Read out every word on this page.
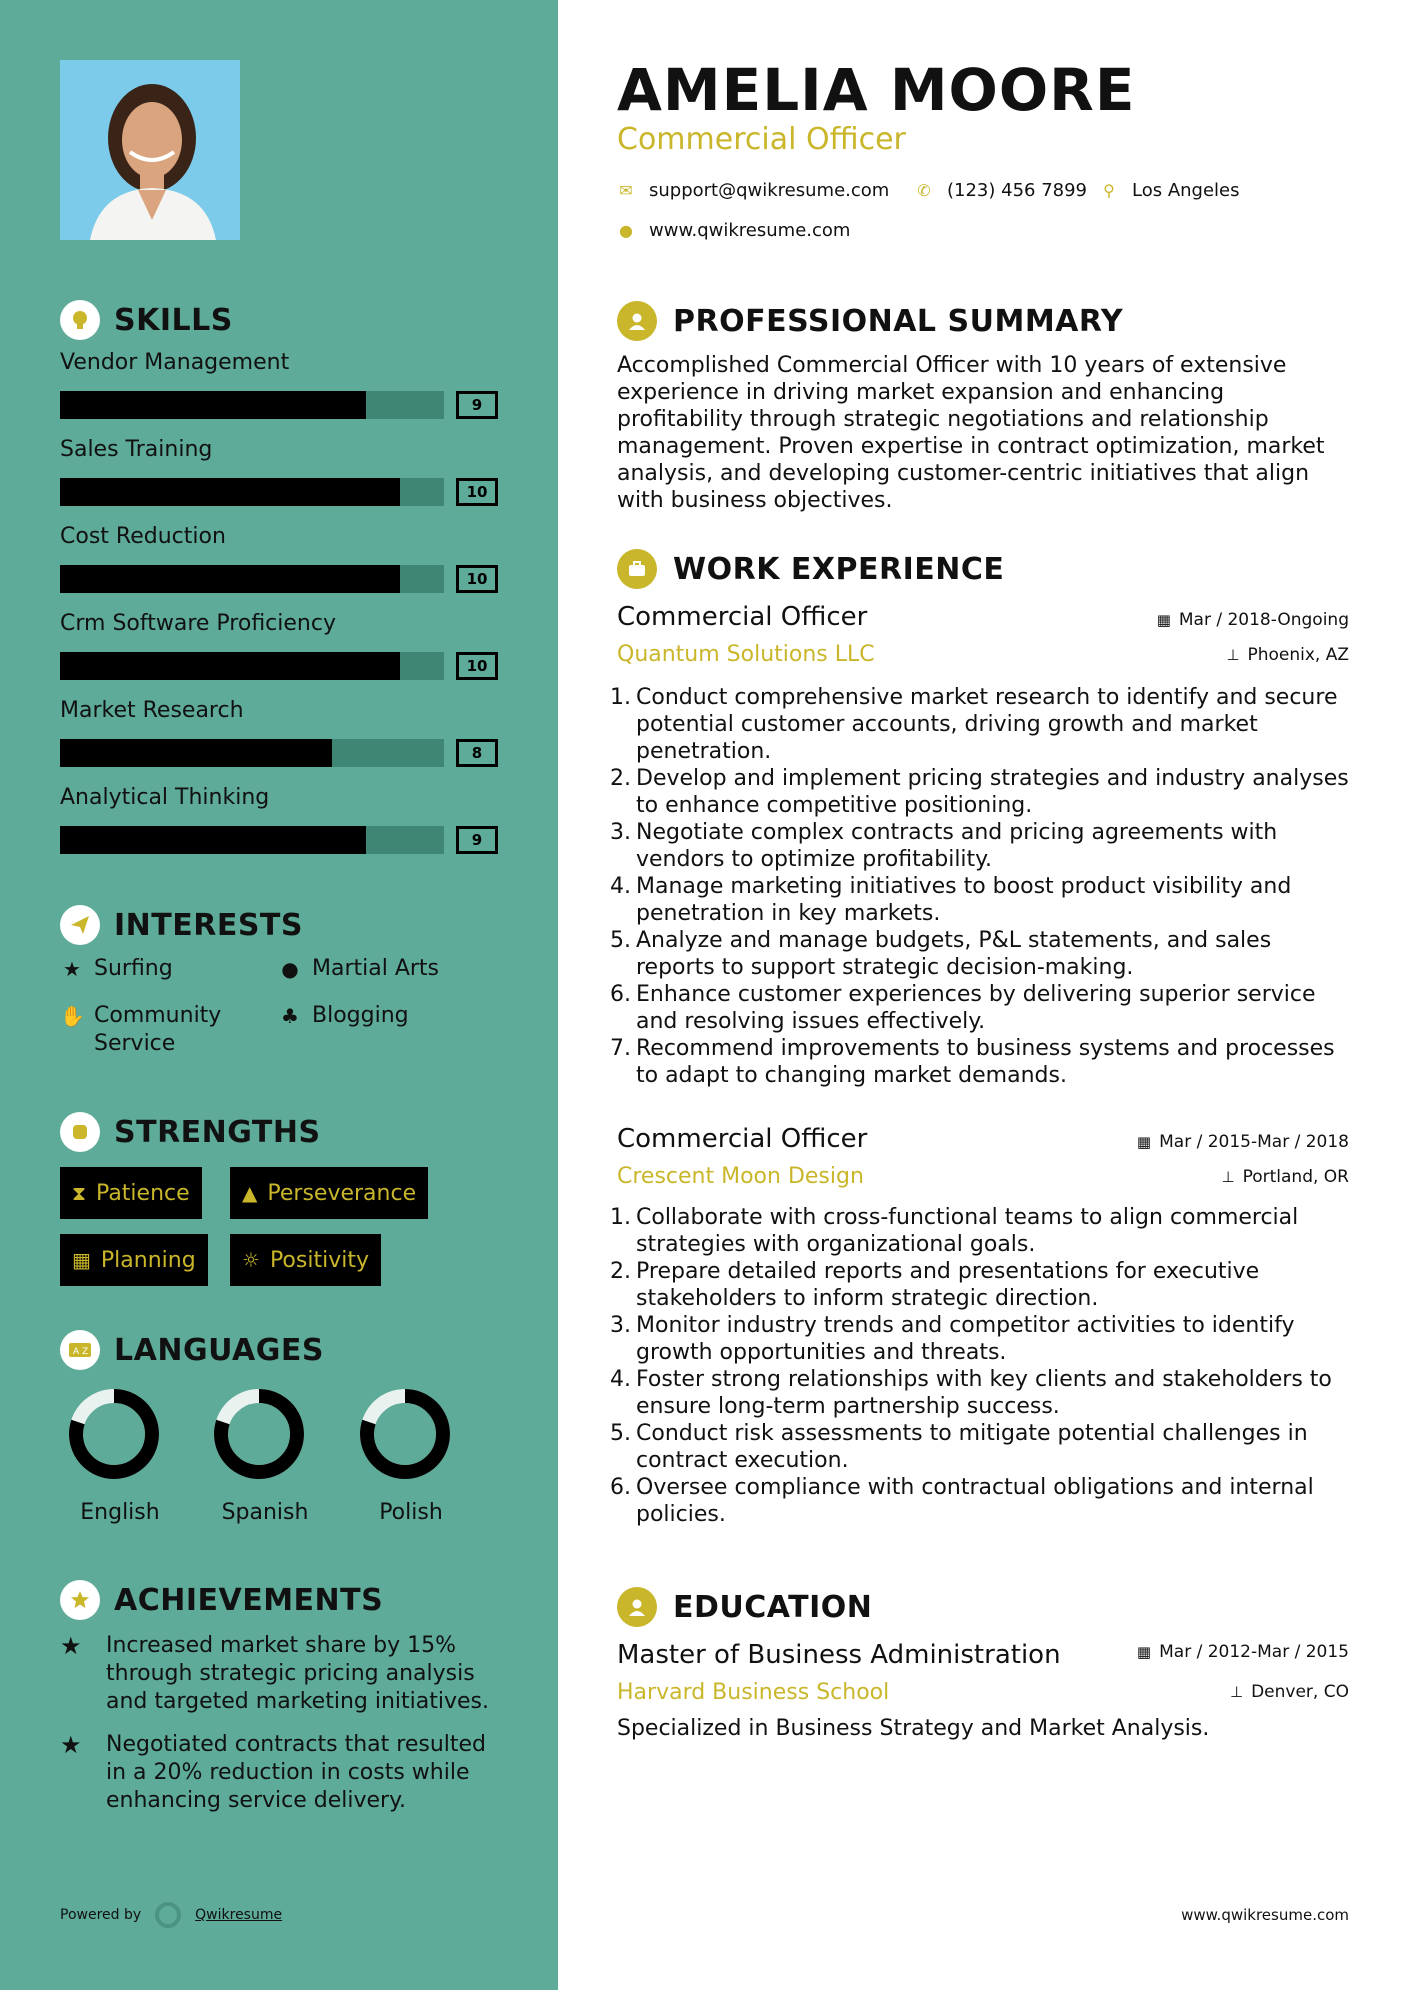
SKILLS
Vendor Management
9
Sales Training
10
Cost Reduction
10
Crm Software Proficiency
10
Market Research
8
Analytical Thinking
9
INTERESTS
★ Surfing	● Martial Arts
✋ Community Service
♣ Blogging
STRENGTHS
⧗ Patience	▲ Perseverance
▦ Planning ☼ Positivity
A Z LANGUAGES
English	Spanish	Polish
ACHIEVEMENTS
★	Increased market share by 15% through strategic pricing analysis and targeted marketing initiatives.
★	Negotiated contracts that resulted in a 20% reduction in costs while enhancing service delivery.
Powered by	Qwikresume
AMELIA MOORE
Commercial Officer
✉ support@qwikresume.com ✆ (123) 456 7899 ⚲ Los Angeles
● www.qwikresume.com
PROFESSIONAL SUMMARY
Accomplished Commercial Officer with 10 years of extensive experience in driving market expansion and enhancing profitability through strategic negotiations and relationship management. Proven expertise in contract optimization, market analysis, and developing customer-centric initiatives that align with business objectives.
WORK EXPERIENCE
Commercial Officer	▦ Mar / 2018-Ongoing
Quantum Solutions LLC	⊥ Phoenix, AZ
1. Conduct comprehensive market research to identify and secure potential customer accounts, driving growth and market penetration.
2. Develop and implement pricing strategies and industry analyses to enhance competitive positioning.
3. Negotiate complex contracts and pricing agreements with vendors to optimize profitability.
4. Manage marketing initiatives to boost product visibility and penetration in key markets.
5. Analyze and manage budgets, P&L statements, and sales reports to support strategic decision-making.
6. Enhance customer experiences by delivering superior service and resolving issues effectively.
7. Recommend improvements to business systems and processes to adapt to changing market demands.
Commercial Officer	▦ Mar / 2015-Mar / 2018
Crescent Moon Design	⊥ Portland, OR
1. Collaborate with cross-functional teams to align commercial strategies with organizational goals.
2. Prepare detailed reports and presentations for executive stakeholders to inform strategic direction.
3. Monitor industry trends and competitor activities to identify growth opportunities and threats.
4. Foster strong relationships with key clients and stakeholders to ensure long-term partnership success.
5. Conduct risk assessments to mitigate potential challenges in contract execution.
6. Oversee compliance with contractual obligations and internal policies.
EDUCATION
Master of Business Administration	▦ Mar / 2012-Mar / 2015
Harvard Business School	⊥ Denver, CO
Specialized in Business Strategy and Market Analysis.
www.qwikresume.com
